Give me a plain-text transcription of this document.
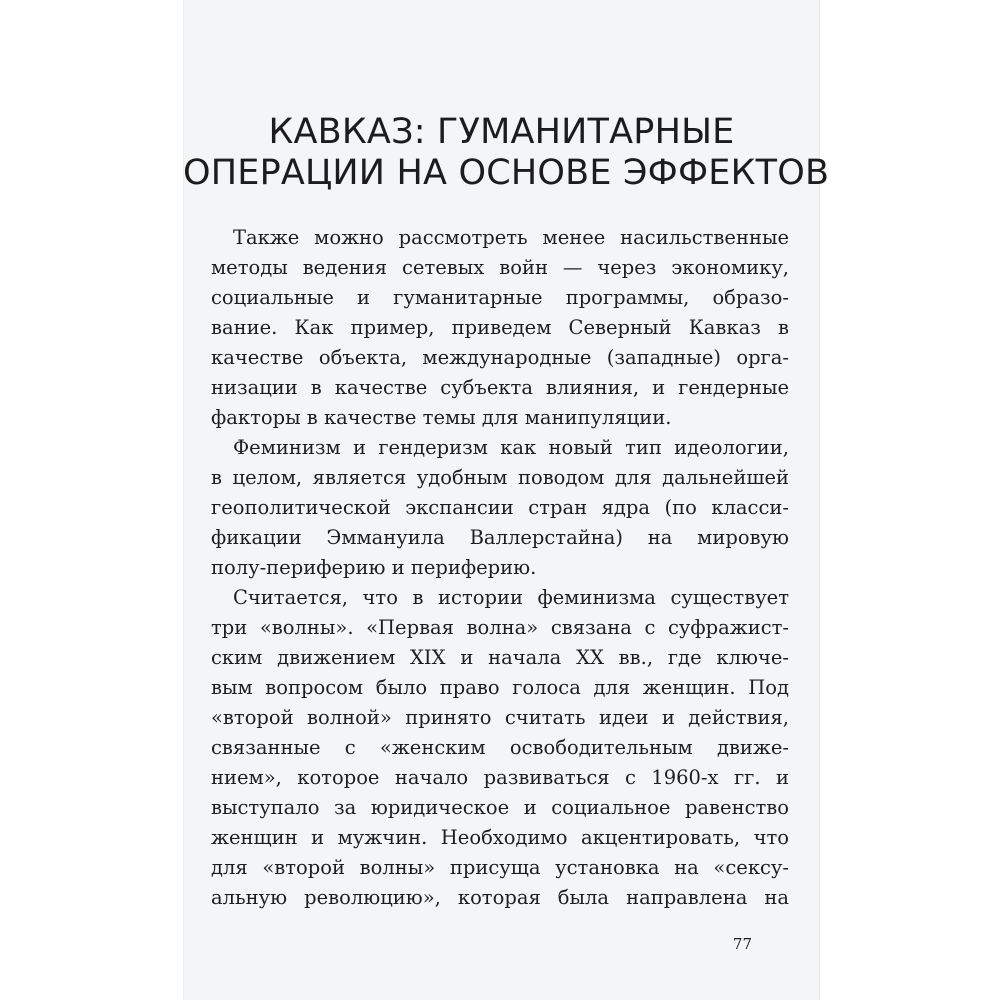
КАВКАЗ: ГУМАНИТАРНЫЕ
ОПЕРАЦИИ НА ОСНОВЕ ЭФФЕКТОВ
Также можно рассмотреть менее насильственные
методы ведения сетевых войн — через экономику,
социальные и гуманитарные программы, образо-
вание. Как пример, приведем Северный Кавказ в
качестве объекта, международные (западные) орга-
низации в качестве субъекта влияния, и гендерные
факторы в качестве темы для манипуляции.
Феминизм и гендеризм как новый тип идеологии,
в целом, является удобным поводом для дальнейшей
геополитической экспансии стран ядра (по класси-
фикации Эммануила Валлерстайна) на мировую
полу-периферию и периферию.
Считается, что в истории феминизма существует
три «волны». «Первая волна» связана с суфражист-
ским движением XIX и начала XX вв., где ключе-
вым вопросом было право голоса для женщин. Под
«второй волной» принято считать идеи и действия,
связанные с «женским освободительным движе-
нием», которое начало развиваться с 1960-х гг. и
выступало за юридическое и социальное равенство
женщин и мужчин. Необходимо акцентировать, что
для «второй волны» присуща установка на «сексу-
альную революцию», которая была направлена на
77
